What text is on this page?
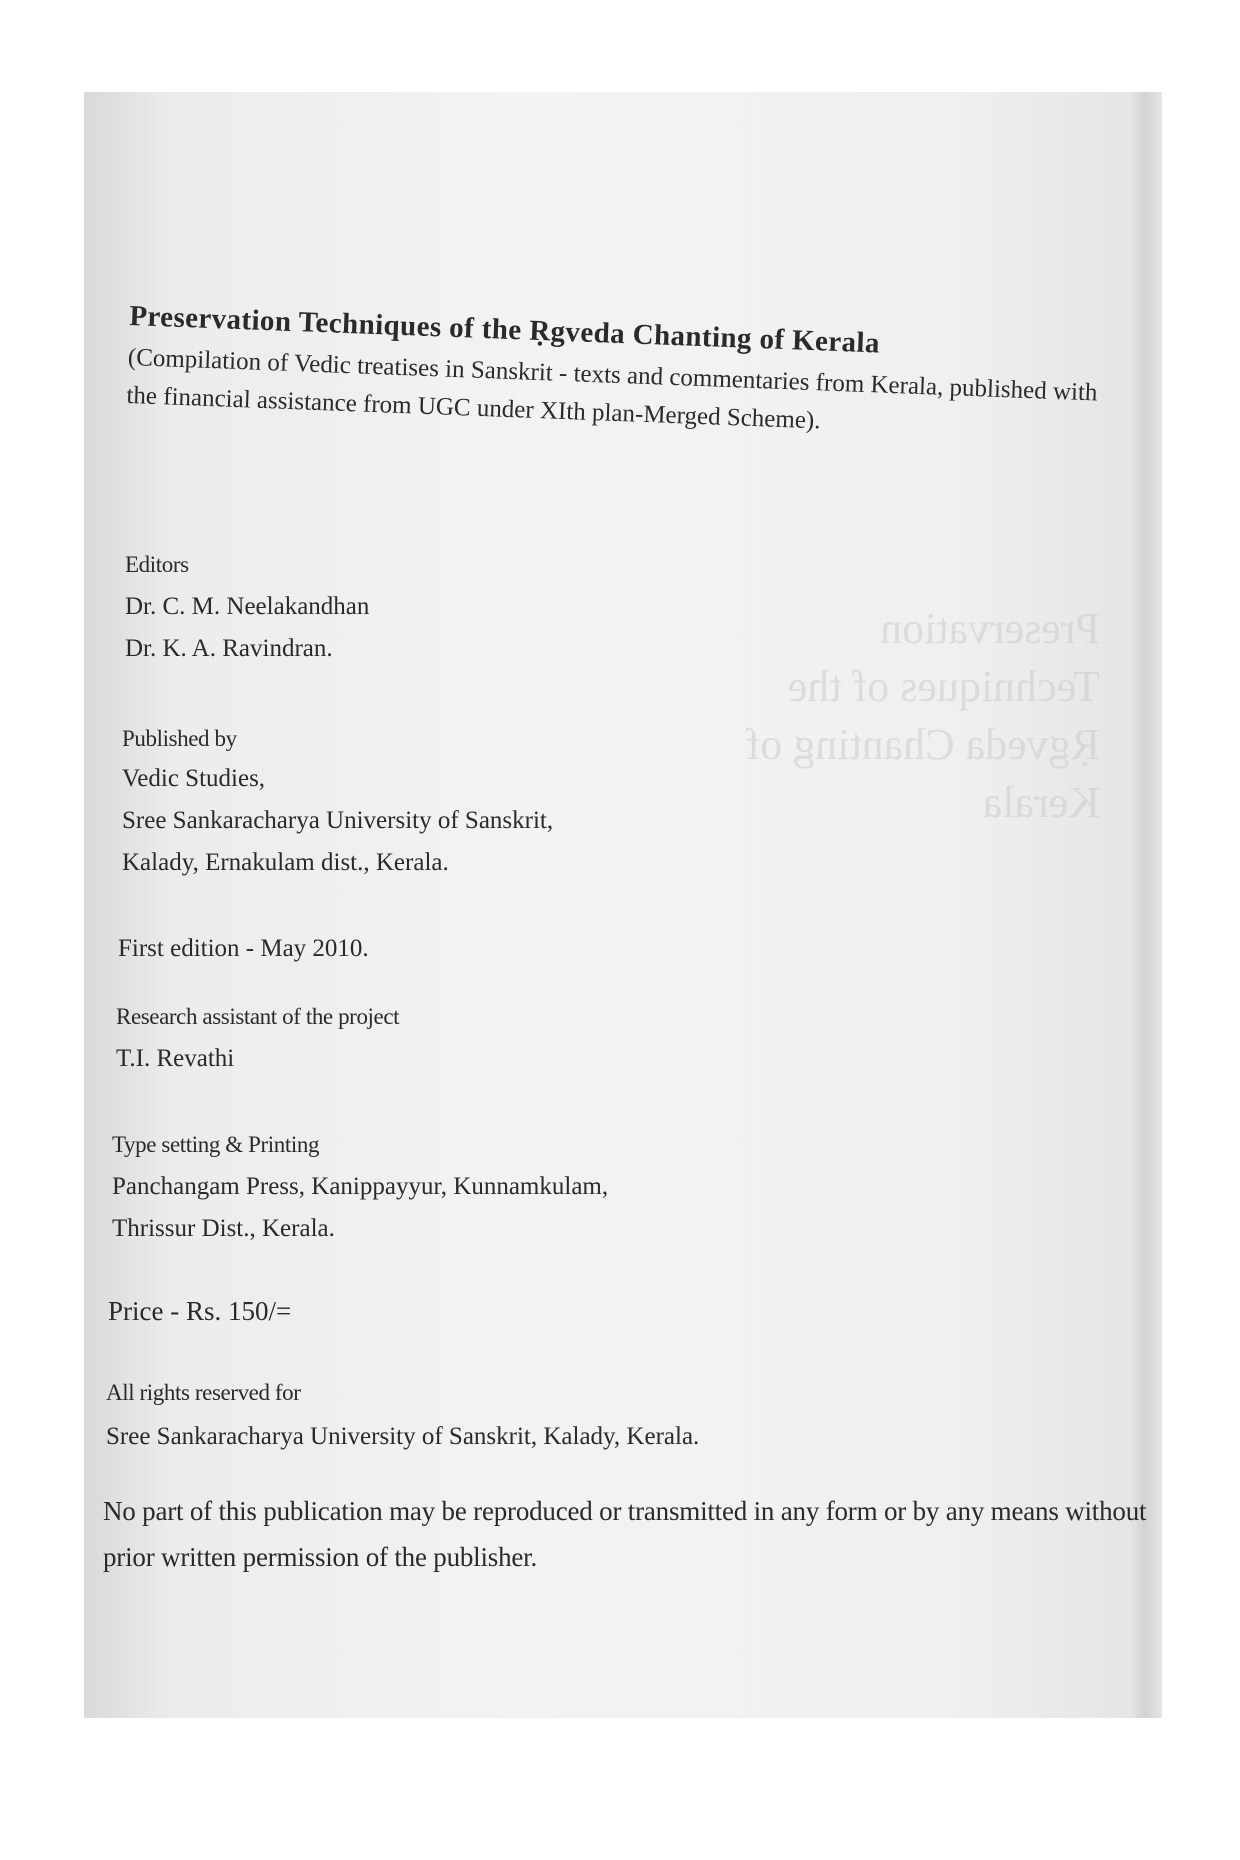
Preservation Techniques of the
Ṛgveda Chanting of Kerala
Preservation Techniques of the Ṛgveda Chanting of Kerala
(Compilation of Vedic treatises in Sanskrit - texts and commentaries from Kerala, published with the financial assistance from UGC under XIth plan-Merged Scheme).
Editors
Dr. C. M. Neelakandhan
Dr. K. A. Ravindran.
Published by
Vedic Studies,
Sree Sankaracharya University of Sanskrit,
Kalady, Ernakulam dist., Kerala.
First edition - May 2010.
Research assistant of the project
T.I. Revathi
Type setting & Printing
Panchangam Press, Kanippayyur, Kunnamkulam,
Thrissur Dist., Kerala.
Price - Rs. 150/=
All rights reserved for
Sree Sankaracharya University of Sanskrit, Kalady, Kerala.
No part of this publication may be reproduced or transmitted in any form or by any means without prior written permission of the publisher.
